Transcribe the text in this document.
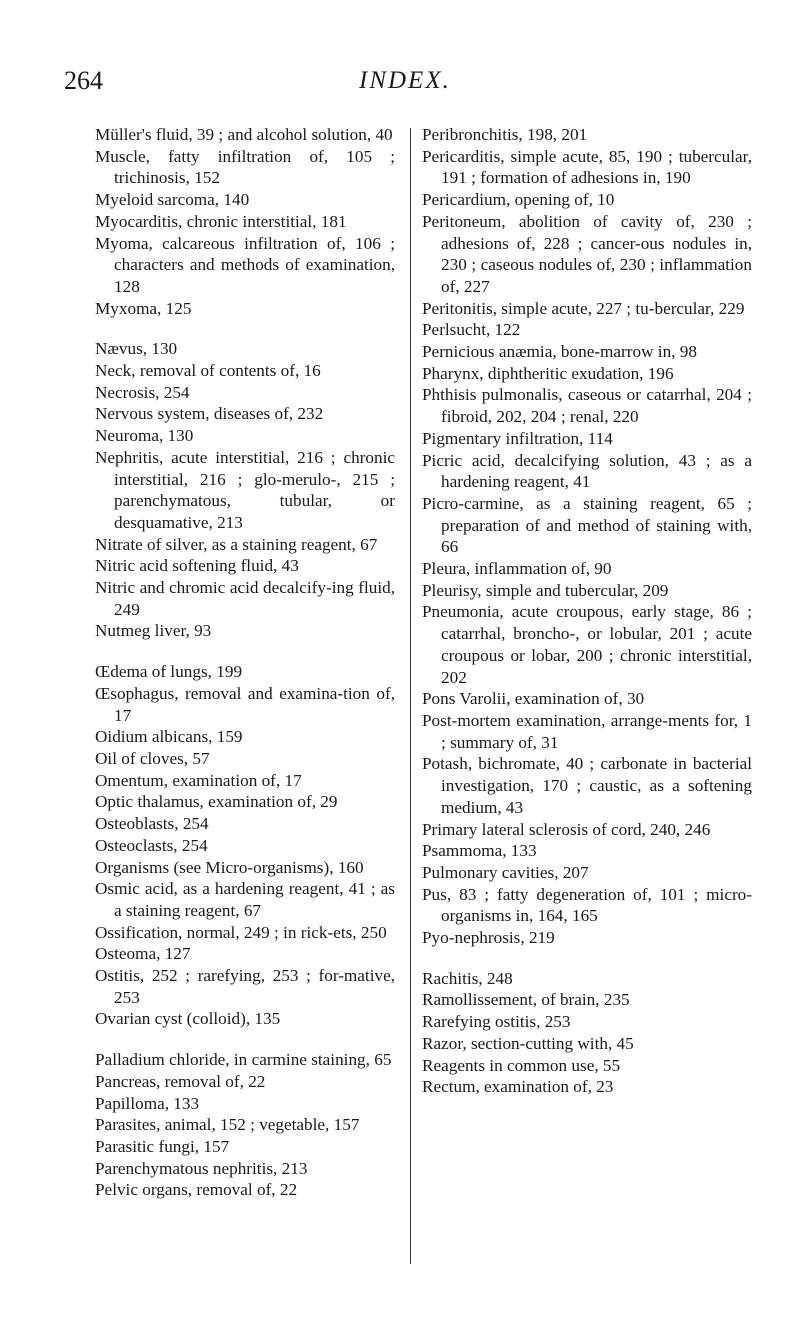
264	INDEX.

Müller's fluid, 39 ; and alcohol solution, 40

Muscle, fatty infiltration of, 105 ; trichinosis, 152

Myeloid sarcoma, 140

Myocarditis, chronic interstitial, 181

Myoma, calcareous infiltration of, 106 ; characters and methods of examination, 128

Myxoma, 125

Nævus, 130

Neck, removal of contents of, 16

Necrosis, 254

Nervous system, diseases of, 232

Neuroma, 130

Nephritis, acute interstitial, 216 ; chronic interstitial, 216 ; glo-merulo-, 215 ; parenchymatous, tubular, or desquamative, 213

Nitrate of silver, as a staining reagent, 67

Nitric acid softening fluid, 43

Nitric and chromic acid decalcify-ing fluid, 249

Nutmeg liver, 93

Œdema of lungs, 199

Œsophagus, removal and examina-tion of, 17

Oidium albicans, 159

Oil of cloves, 57

Omentum, examination of, 17

Optic thalamus, examination of, 29

Osteoblasts, 254

Osteoclasts, 254

Organisms (see Micro-organisms), 160

Osmic acid, as a hardening reagent, 41 ; as a staining reagent, 67

Ossification, normal, 249 ; in rick-ets, 250

Osteoma, 127

Ostitis, 252 ; rarefying, 253 ; for-mative, 253

Ovarian cyst (colloid), 135

Palladium chloride, in carmine staining, 65

Pancreas, removal of, 22

Papilloma, 133

Parasites, animal, 152 ; vegetable, 157

Parasitic fungi, 157

Parenchymatous nephritis, 213

Pelvic organs, removal of, 22

Peribronchitis, 198, 201

Pericarditis, simple acute, 85, 190 ; tubercular, 191 ; formation of adhesions in, 190

Pericardium, opening of, 10

Peritoneum, abolition of cavity of, 230 ; adhesions of, 228 ; cancer-ous nodules in, 230 ; caseous nodules of, 230 ; inflammation of, 227

Peritonitis, simple acute, 227 ; tu-bercular, 229

Perlsucht, 122

Pernicious anæmia, bone-marrow in, 98

Pharynx, diphtheritic exudation, 196

Phthisis pulmonalis, caseous or catarrhal, 204 ; fibroid, 202, 204 ; renal, 220

Pigmentary infiltration, 114

Picric acid, decalcifying solution, 43 ; as a hardening reagent, 41

Picro-carmine, as a staining reagent, 65 ; preparation of and method of staining with, 66

Pleura, inflammation of, 90

Pleurisy, simple and tubercular, 209

Pneumonia, acute croupous, early stage, 86 ; catarrhal, broncho-, or lobular, 201 ; acute croupous or lobar, 200 ; chronic interstitial, 202

Pons Varolii, examination of, 30

Post-mortem examination, arrange-ments for, 1 ; summary of, 31

Potash, bichromate, 40 ; carbonate in bacterial investigation, 170 ; caustic, as a softening medium, 43

Primary lateral sclerosis of cord, 240, 246

Psammoma, 133

Pulmonary cavities, 207

Pus, 83 ; fatty degeneration of, 101 ; micro-organisms in, 164, 165

Pyo-nephrosis, 219

Rachitis, 248

Ramollissement, of brain, 235

Rarefying ostitis, 253

Razor, section-cutting with, 45

Reagents in common use, 55

Rectum, examination of, 23
